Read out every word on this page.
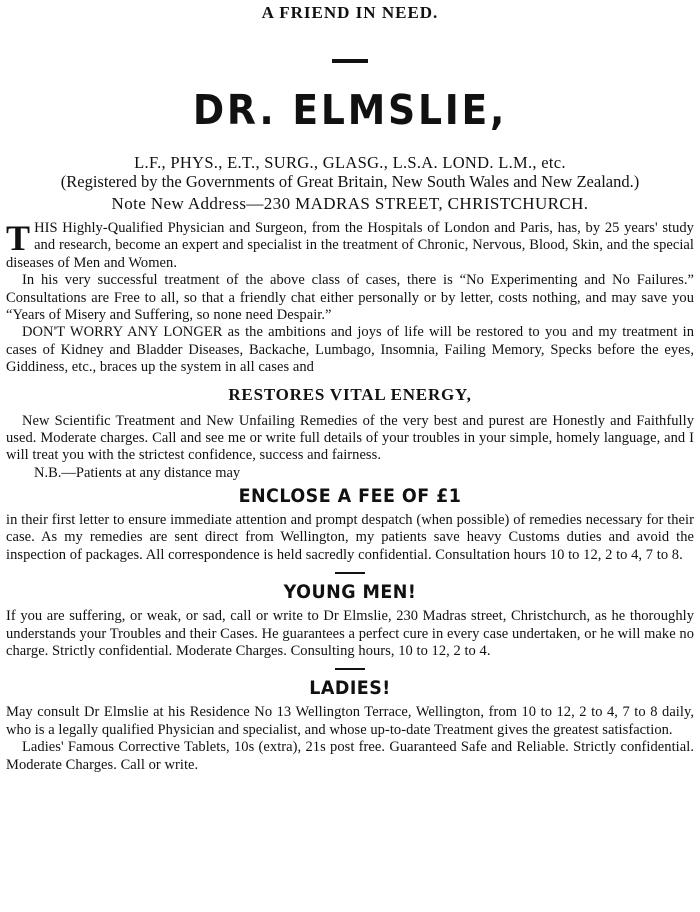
A FRIEND IN NEED.
DR. ELMSLIE,

L.F., PHYS., E.T., SURG., GLASG., L.S.A. LOND. L.M., etc.

(Registered by the Governments of Great Britain, New South Wales and New Zealand.)

Note New Address—230 MADRAS STREET, CHRISTCHURCH.

THIS Highly-Qualified Physician and Surgeon, from the Hospitals of London and Paris, has, by 25 years' study and research, become an expert and specialist in the treatment of Chronic, Nervous, Blood, Skin, and the special diseases of Men and Women.

In his very successful treatment of the above class of cases, there is “No Experimenting and No Failures.” Consultations are Free to all, so that a friendly chat either personally or by letter, costs nothing, and may save you “Years of Misery and Suffering, so none need Despair.”

DON'T WORRY ANY LONGER as the ambitions and joys of life will be restored to you and my treatment in cases of Kidney and Bladder Diseases, Backache, Lumbago, Insomnia, Failing Memory, Specks before the eyes, Giddiness, etc., braces up the system in all cases and

RESTORES VITAL ENERGY,

New Scientific Treatment and New Unfailing Remedies of the very best and purest are Honestly and Faithfully used. Moderate charges. Call and see me or write full details of your troubles in your simple, homely language, and I will treat you with the strictest confidence, success and fairness.

N.B.—Patients at any distance may

ENCLOSE A FEE OF £1

in their first letter to ensure immediate attention and prompt despatch (when possible) of remedies necessary for their case. As my remedies are sent direct from Wellington, my patients save heavy Customs duties and avoid the inspection of packages. All correspondence is held sacredly confidential. Consultation hours 10 to 12, 2 to 4, 7 to 8.

YOUNG MEN!

If you are suffering, or weak, or sad, call or write to Dr Elmslie, 230 Madras street, Christchurch, as he thoroughly understands your Troubles and their Cases. He guarantees a perfect cure in every case undertaken, or he will make no charge. Strictly confidential. Moderate Charges. Consulting hours, 10 to 12, 2 to 4.

LADIES!

May consult Dr Elmslie at his Residence No 13 Wellington Terrace, Wellington, from 10 to 12, 2 to 4, 7 to 8 daily, who is a legally qualified Physician and specialist, and whose up-to-date Treatment gives the greatest satisfaction.

Ladies' Famous Corrective Tablets, 10s (extra), 21s post free. Guaranteed Safe and Reliable. Strictly confidential. Moderate Charges. Call or write.
